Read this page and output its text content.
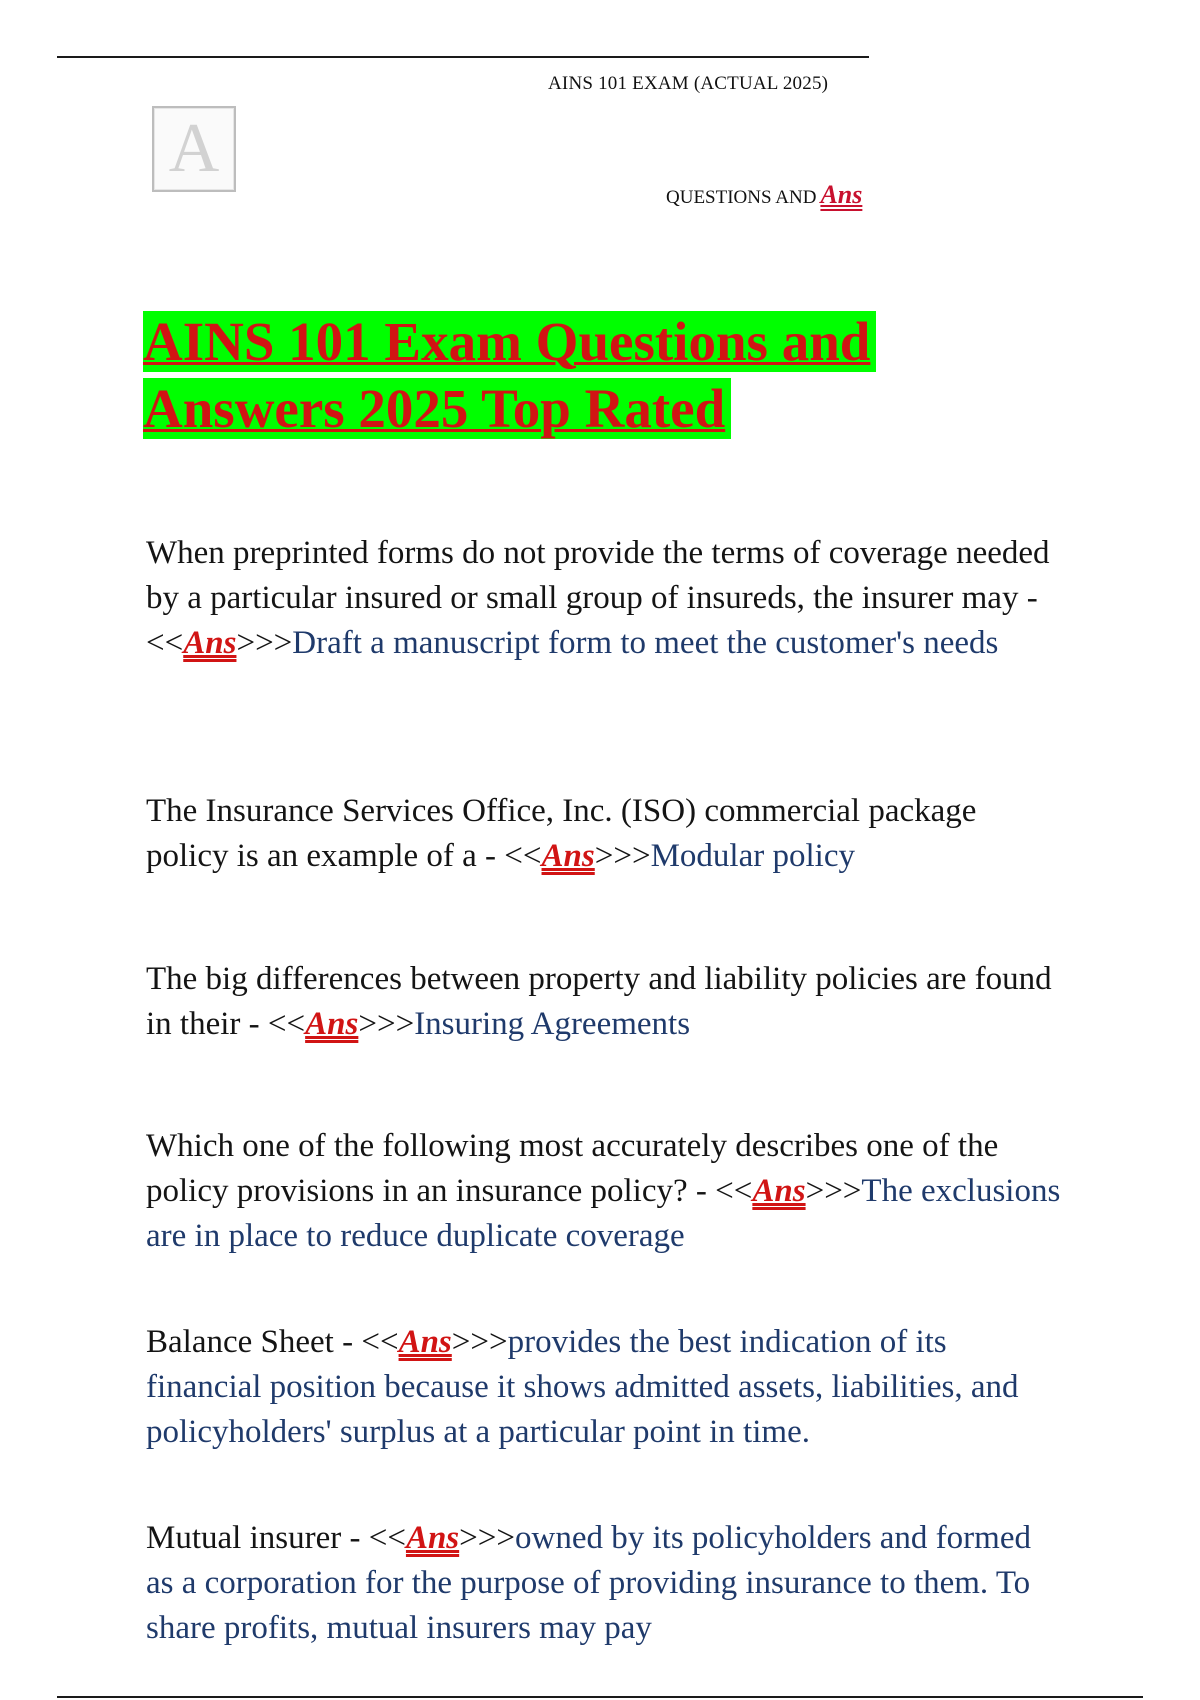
AINS 101 EXAM (ACTUAL 2025)
A
QUESTIONS AND Ans
AINS 101 Exam Questions and Answers 2025 Top Rated
When preprinted forms do not provide the terms of coverage needed by a particular insured or small group of insureds, the insurer may - <<Ans>>>Draft a manuscript form to meet the customer's needs
The Insurance Services Office, Inc. (ISO) commercial package policy is an example of a - <<Ans>>>Modular policy
The big differences between property and liability policies are found in their - <<Ans>>>Insuring Agreements
Which one of the following most accurately describes one of the policy provisions in an insurance policy? - <<Ans>>>The exclusions are in place to reduce duplicate coverage
Balance Sheet - <<Ans>>>provides the best indication of its financial position because it shows admitted assets, liabilities, and policyholders' surplus at a particular point in time.
Mutual insurer - <<Ans>>>owned by its policyholders and formed as a corporation for the purpose of providing insurance to them. To share profits, mutual insurers may pay
